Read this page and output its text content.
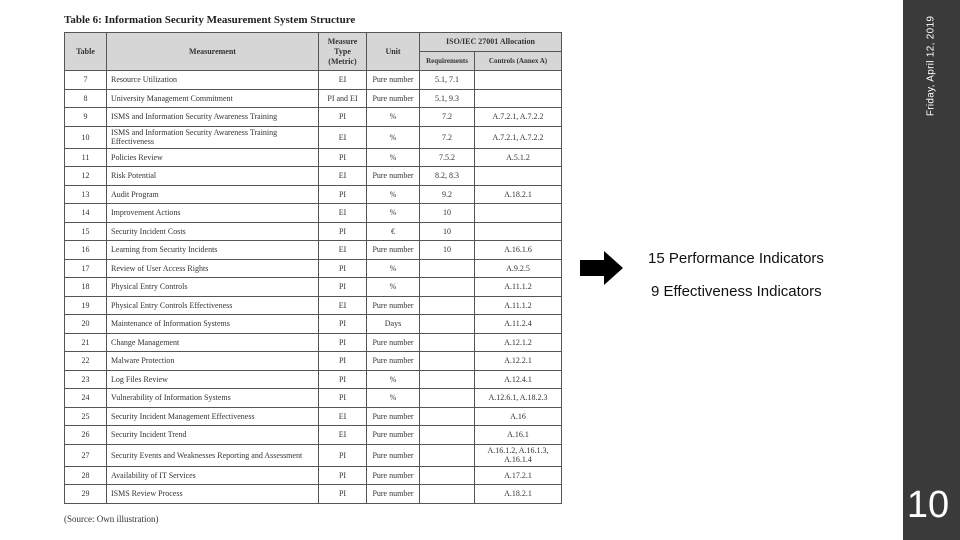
Friday, April 12, 2019
10
Table 6: Information Security Measurement System Structure
Table	Measurement	Measure Type (Metric)	Unit	ISO/IEC 27001 Allocation	
				Requirements	Controls (Annex A)
7	Resource Utilization	EI	Pure number	5.1, 7.1	
8	University Management Commitment	PI and EI	Pure number	5.1, 9.3	
9	ISMS and Information Security Awareness Training	PI	%	7.2	A.7.2.1, A.7.2.2
10	ISMS and Information Security Awareness Training Effectiveness	EI	%	7.2	A.7.2.1, A.7.2.2
11	Policies Review	PI	%	7.5.2	A.5.1.2
12	Risk Potential	EI	Pure number	8.2, 8.3	
13	Audit Program	PI	%	9.2	A.18.2.1
14	Improvement Actions	EI	%	10	
15	Security Incident Costs	PI	€	10	
16	Learning from Security Incidents	EI	Pure number	10	A.16.1.6
17	Review of User Access Rights	PI	%		A.9.2.5
18	Physical Entry Controls	PI	%		A.11.1.2
19	Physical Entry Controls Effectiveness	EI	Pure number		A.11.1.2
20	Maintenance of Information Systems	PI	Days		A.11.2.4
21	Change Management	PI	Pure number		A.12.1.2
22	Malware Protection	PI	Pure number		A.12.2.1
23	Log Files Review	PI	%		A.12.4.1
24	Vulnerability of Information Systems	PI	%		A.12.6.1, A.18.2.3
25	Security Incident Management Effectiveness	EI	Pure number		A.16
26	Security Incident Trend	EI	Pure number		A.16.1
27	Security Events and Weaknesses Reporting and Assessment	PI	Pure number		A.16.1.2, A.16.1.3, A.16.1.4
28	Availability of IT Services	PI	Pure number		A.17.2.1
29	ISMS Review Process	PI	Pure number		A.18.2.1
(Source: Own illustration)
15 Performance Indicators
9 Effectiveness Indicators
